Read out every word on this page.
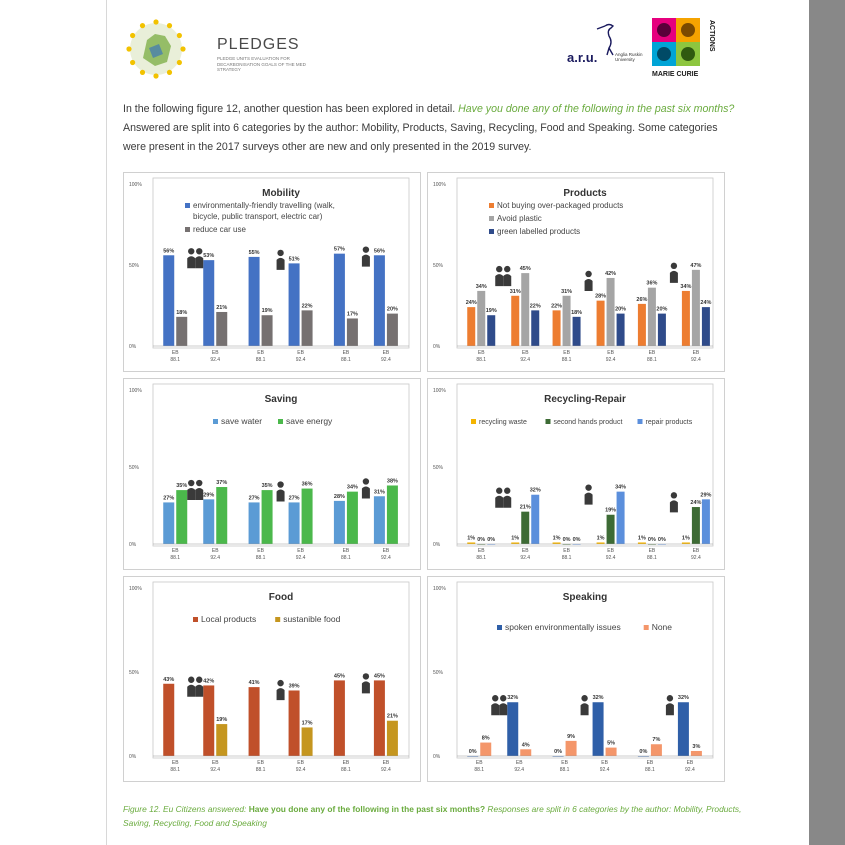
PLEDGES
PLEDGE UNITS EVALUATION FOR DECARBONISATION GOALS OF THE MED STRATEGY
a.r.u.	Anglia Ruskin University
MARIE CURIE
ACTIONS
In the following figure 12, another question has been explored in detail. Have you done any of the following in the past six months? Answered are split into 6 categories by the author: Mobility, Products, Saving, Recycling, Food and Speaking. Some categories were present in the 2017 surveys other are new and only presented in the 2019 survey.
0%
50%
100%
Mobility
environmentally-friendly travelling (walk,
bicycle, public transport, electric car)
reduce car use
56%
18%
EB
88.1
53%
21%
EB
92.4
55%
19%
EB
88.1
51%
22%
EB
92.4
57%
17%
EB
88.1
56%
20%
EB
92.4
0%
50%
100%
Products
Not buying over-packaged products
Avoid plastic
green labelled products
24%
34%
19%
EB
88.1
31%
45%
22%
EB
92.4
22%
31%
18%
EB
88.1
28%
42%
20%
EB
92.4
26%
36%
20%
EB
88.1
34%
47%
24%
EB
92.4
0%
50%
100%
Saving
save water	save energy
27%
35%
EB
88.1
29%
37%
EB
92.4
27%
35%
EB
88.1
27%
36%
EB
92.4
28%
34%
EB
88.1
31%
38%
EB
92.4
0%
50%
100%
Recycling-Repair
recycling waste	second hands product	repair products
1% 0% 0%
EB
88.1
1%
21%
32%
EB
92.4
1% 0% 0%
EB
88.1
1%
19%
34%
EB
92.4
1% 0% 0%
EB
88.1
1%
24%
29%
EB
92.4
0%
50%
100%
Food
Local products	sustanible food
43%
EB
88.1
42%
19%
EB
92.4
41%
EB
88.1
39%
17%
EB
92.4
45%
EB
88.1
45%
21%
EB
92.4
0%
50%
100%
Speaking
spoken environmentally issues	None
0%
8%
EB
88.1
32%
4%
EB
92.4
0%
9%
EB
88.1
32%
5%
EB
92.4
0%
7%
EB
88.1
32%
3%
EB
92.4
Figure 12. Eu Citizens answered: Have you done any of the following in the past six months? Responses are split in 6 categories by the author: Mobility, Products, Saving, Recycling, Food and Speaking
